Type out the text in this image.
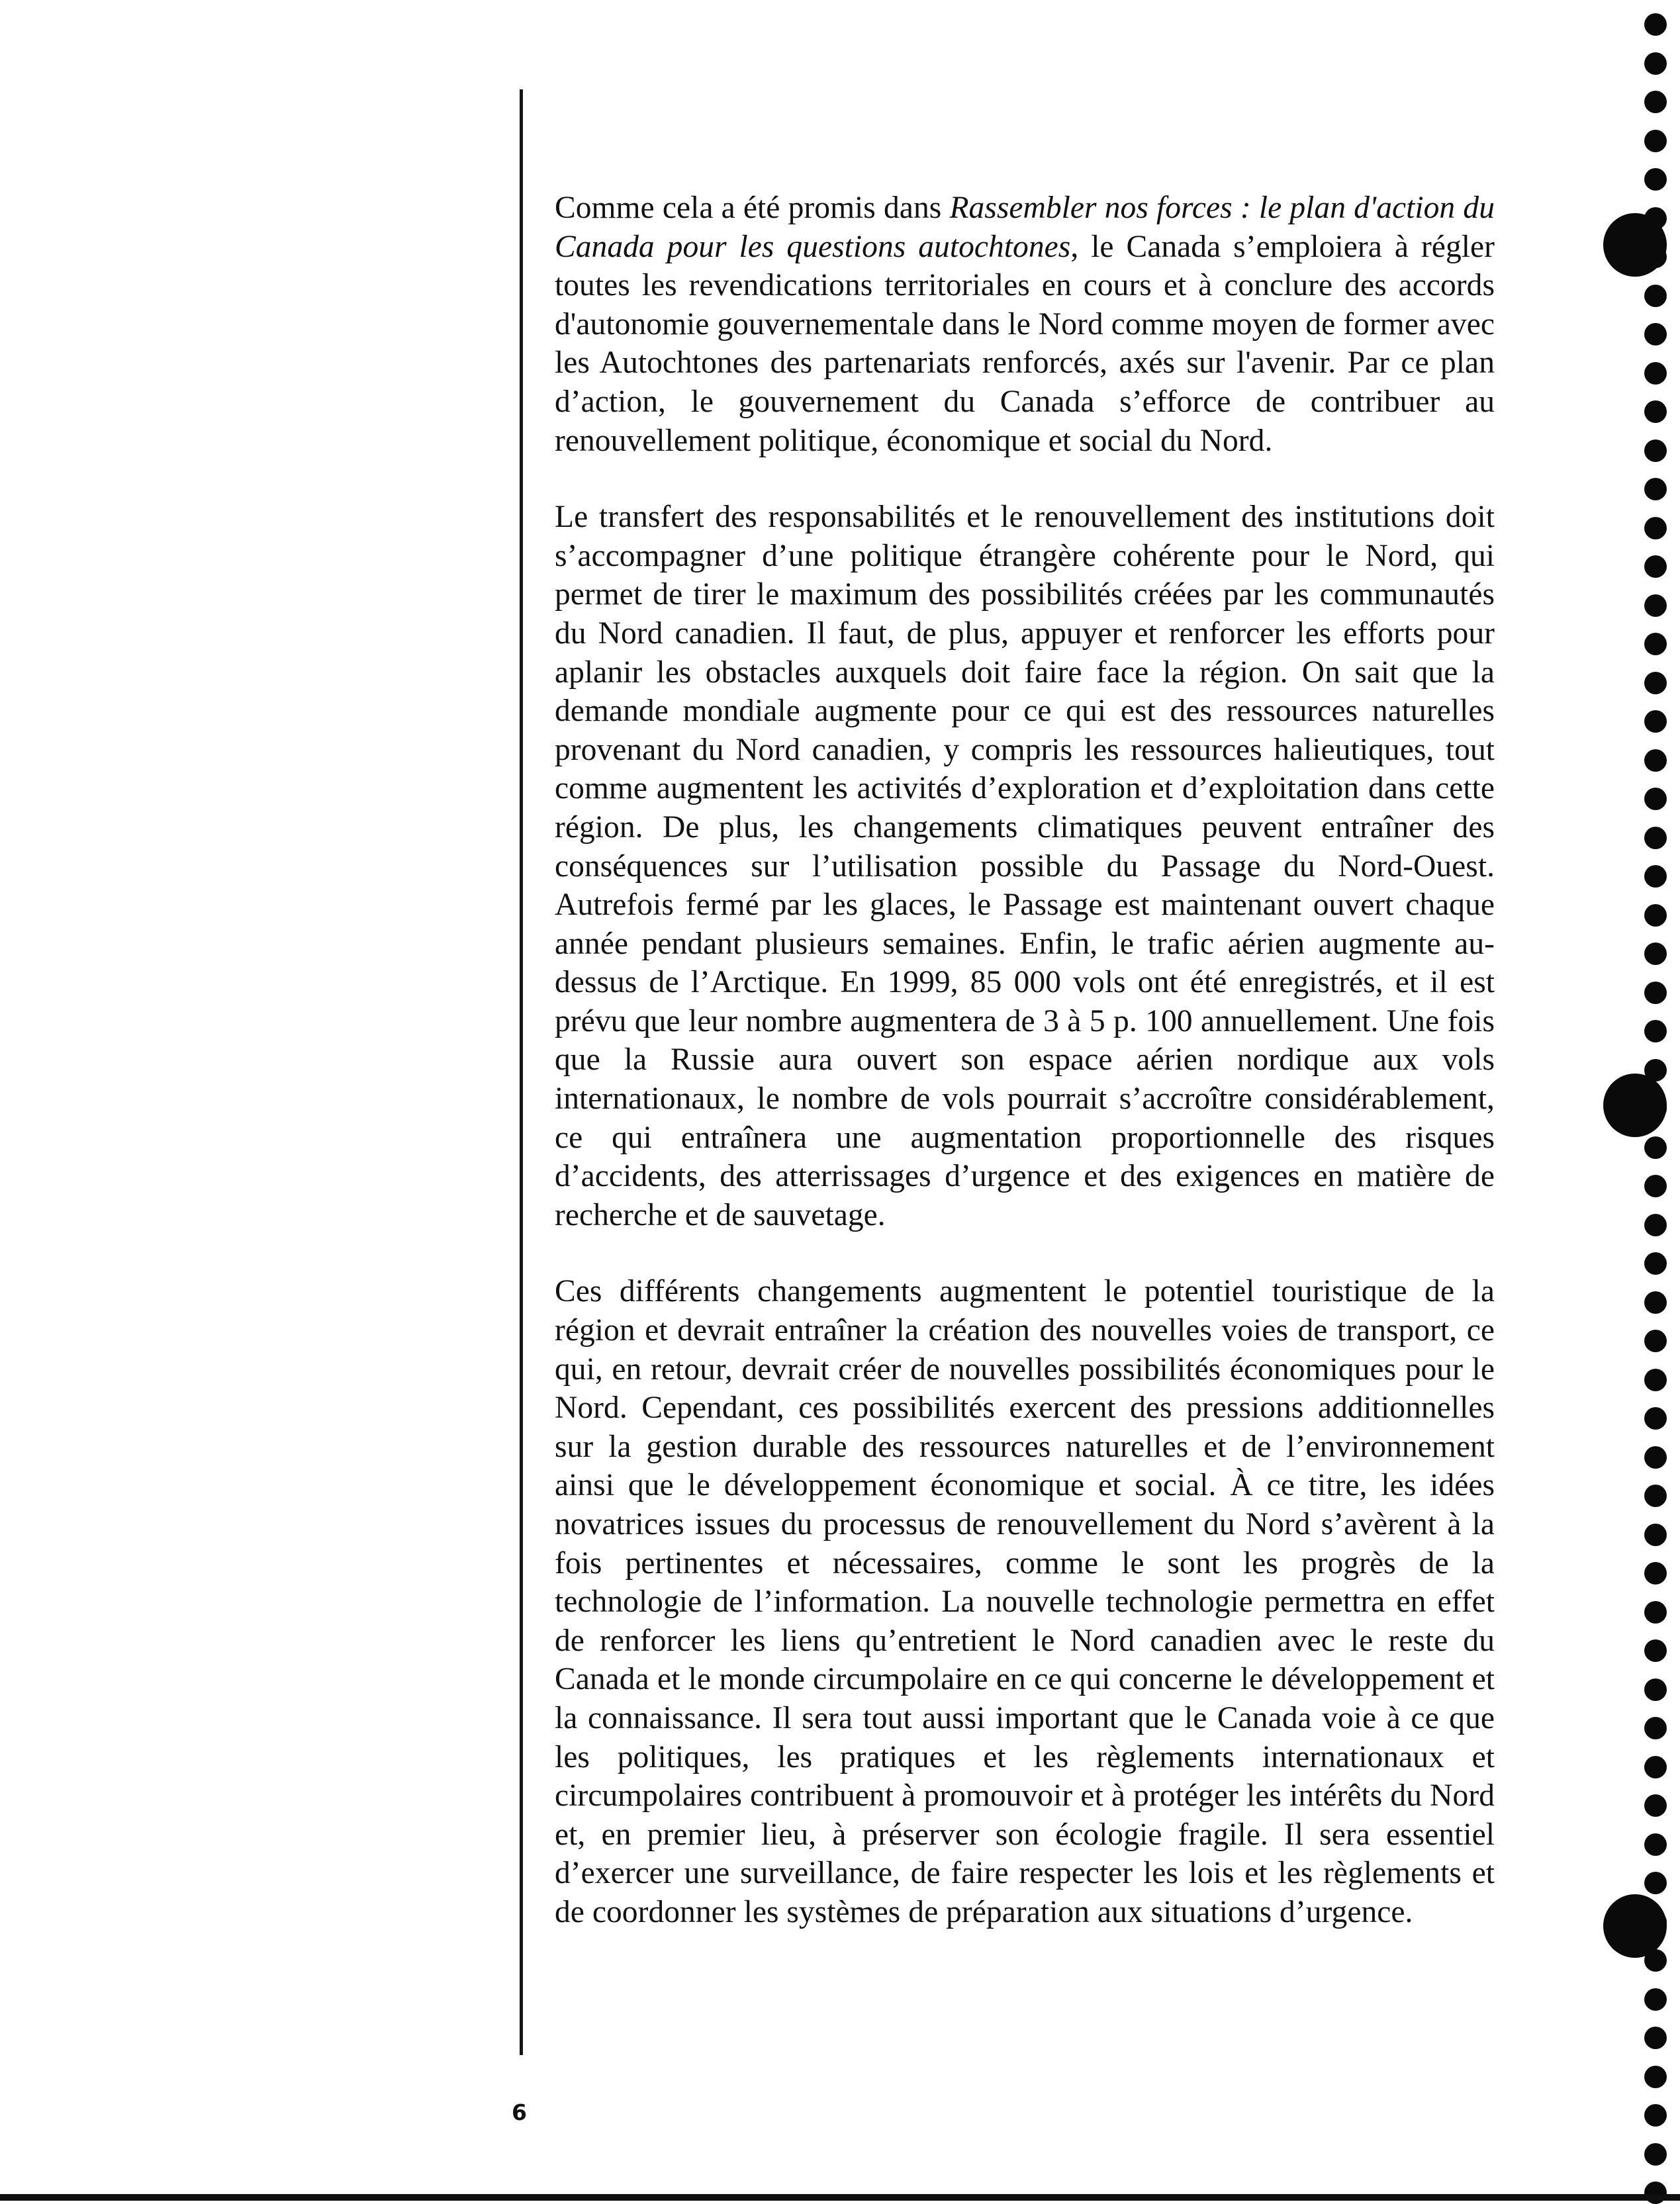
Comme cela a été promis dans Rassembler nos forces : le plan d'action du Canada pour les questions autochtones, le Canada s’emploiera à régler toutes les revendications territoriales en cours et à conclure des accords d'autonomie gouvernementale dans le Nord comme moyen de former avec les Autochtones des partenariats renforcés, axés sur l'avenir. Par ce plan d’action, le gouvernement du Canada s’efforce de contribuer au renouvellement politique, économique et social du Nord.

Le transfert des responsabilités et le renouvellement des institutions doit s’accompagner d’une politique étrangère cohérente pour le Nord, qui permet de tirer le maximum des possibilités créées par les communautés du Nord canadien. Il faut, de plus, appuyer et renforcer les efforts pour aplanir les obstacles auxquels doit faire face la région. On sait que la demande mondiale augmente pour ce qui est des ressources naturelles provenant du Nord canadien, y compris les ressources halieutiques, tout comme augmentent les activités d’exploration et d’exploitation dans cette région. De plus, les changements climatiques peuvent entraîner des conséquences sur l’utilisation possible du Passage du Nord-Ouest. Autrefois fermé par les glaces, le Passage est maintenant ouvert chaque année pendant plusieurs semaines. Enfin, le trafic aérien augmente au-dessus de l’Arctique. En 1999, 85 000 vols ont été enregistrés, et il est prévu que leur nombre augmentera de 3 à 5 p. 100 annuellement. Une fois que la Russie aura ouvert son espace aérien nordique aux vols internationaux, le nombre de vols pourrait s’accroître considérablement, ce qui entraînera une augmentation proportionnelle des risques d’accidents, des atterrissages d’urgence et des exigences en matière de recherche et de sauvetage.

Ces différents changements augmentent le potentiel touristique de la région et devrait entraîner la création des nouvelles voies de transport, ce qui, en retour, devrait créer de nouvelles possibilités économiques pour le Nord. Cependant, ces possibilités exercent des pressions additionnelles sur la gestion durable des ressources naturelles et de l’environnement ainsi que le développement économique et social. À ce titre, les idées novatrices issues du processus de renouvellement du Nord s’avèrent à la fois pertinentes et nécessaires, comme le sont les progrès de la technologie de l’information. La nouvelle technologie permettra en effet de renforcer les liens qu’entretient le Nord canadien avec le reste du Canada et le monde circumpolaire en ce qui concerne le développement et la connaissance. Il sera tout aussi important que le Canada voie à ce que les politiques, les pratiques et les règlements internationaux et circumpolaires contribuent à promouvoir et à protéger les intérêts du Nord et, en premier lieu, à préserver son écologie fragile. Il sera essentiel d’exercer une surveillance, de faire respecter les lois et les règlements et de coordonner les systèmes de préparation aux situations d’urgence.

6
